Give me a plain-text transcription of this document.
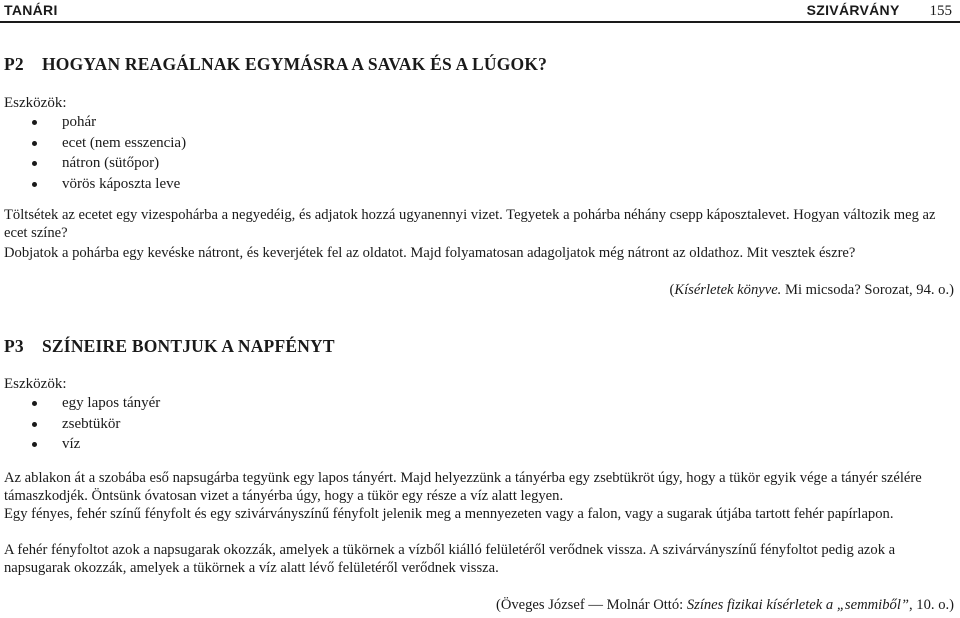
TANÁRI	SZIVÁRVÁNY 155
P2 HOGYAN REAGÁLNAK EGYMÁSRA A SAVAK ÉS A LÚGOK?
Eszközök:
pohár
ecet (nem esszencia)
nátron (sütőpor)
vörös káposzta leve

Töltsétek az ecetet egy vizespohárba a negyedéig, és adjatok hozzá ugyanennyi vizet. Tegyetek a pohárba néhány csepp káposztalevet. Hogyan változik meg az ecet színe?

Dobjatok a pohárba egy kevéske nátront, és keverjétek fel az oldatot. Majd folyamatosan adagoljatok még nátront az oldathoz. Mit vesztek észre?

(Kísérletek könyve. Mi micsoda? Sorozat, 94. o.)
P3 SZÍNEIRE BONTJUK A NAPFÉNYT
Eszközök:
egy lapos tányér
zsebtükör
víz

Az ablakon át a szobába eső napsugárba tegyünk egy lapos tányért. Majd helyezzünk a tányérba egy zsebtükröt úgy, hogy a tükör egyik vége a tányér szélére támaszkodjék. Öntsünk óvatosan vizet a tányérba úgy, hogy a tükör egy része a víz alatt legyen.

Egy fényes, fehér színű fényfolt és egy szivárványszínű fényfolt jelenik meg a mennyezeten vagy a falon, vagy a sugarak útjába tartott fehér papírlapon.

A fehér fényfoltot azok a napsugarak okozzák, amelyek a tükörnek a vízből kiálló felületéről verődnek vissza. A szivárványszínű fényfoltot pedig azok a napsugarak okozzák, amelyek a tükörnek a víz alatt lévő felületéről verődnek vissza.

(Öveges József — Molnár Ottó: Színes fizikai kísérletek a „semmiből”, 10. o.)
